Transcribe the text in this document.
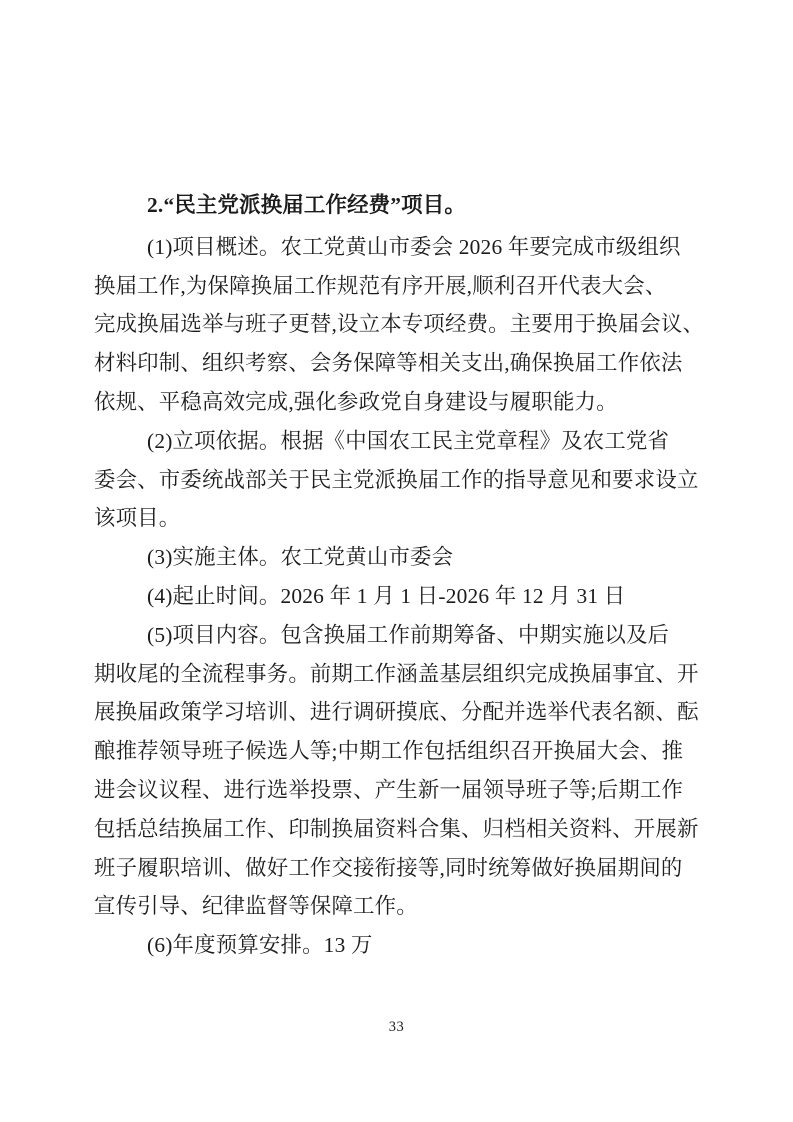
2.“民主党派换届工作经费”项目。
(1)项目概述。农工党黄山市委会 2026 年要完成市级组织
换届工作,为保障换届工作规范有序开展,顺利召开代表大会、
完成换届选举与班子更替,设立本专项经费。主要用于换届会议、
材料印制、组织考察、会务保障等相关支出,确保换届工作依法
依规、平稳高效完成,强化参政党自身建设与履职能力。
(2)立项依据。根据《中国农工民主党章程》及农工党省
委会、市委统战部关于民主党派换届工作的指导意见和要求设立
该项目。
(3)实施主体。农工党黄山市委会
(4)起止时间。2026 年 1 月 1 日-2026 年 12 月 31 日
(5)项目内容。包含换届工作前期筹备、中期实施以及后
期收尾的全流程事务。前期工作涵盖基层组织完成换届事宜、开
展换届政策学习培训、进行调研摸底、分配并选举代表名额、酝
酿推荐领导班子候选人等;中期工作包括组织召开换届大会、推
进会议议程、进行选举投票、产生新一届领导班子等;后期工作
包括总结换届工作、印制换届资料合集、归档相关资料、开展新
班子履职培训、做好工作交接衔接等,同时统筹做好换届期间的
宣传引导、纪律监督等保障工作。
(6)年度预算安排。13 万
33
